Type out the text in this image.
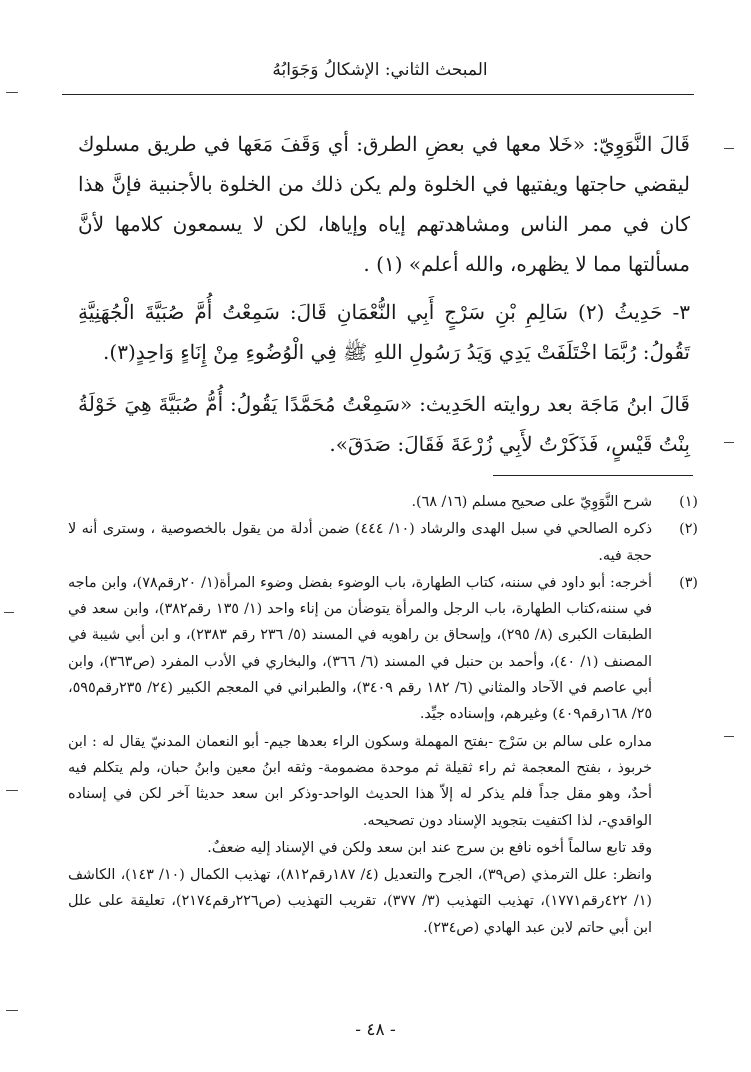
المبحث الثاني: الإشكالُ وَجَوَابُهُ

قَالَ النَّوَوِيّ: «خَلا معها في بعضِ الطرق: أي وَقَفَ مَعَها في طريق مسلوك ليقضي حاجتها ويفتيها في الخلوة ولم يكن ذلك من الخلوة بالأجنبية فإنَّ هذا كان في ممر الناس ومشاهدتهم إياه وإياها، لكن لا يسمعون كلامها لأنَّ مسألتها مما لا يظهره، والله أعلم» (١) .

٣- حَدِيثُ (٢) سَالِمِ بْنِ سَرْجٍ أَبِي النُّعْمَانِ قَالَ: سَمِعْتُ أُمَّ صُبَيَّةَ الْجُهَنِيَّةِ تَقُولُ: رُبَّمَا اخْتَلَفَتْ يَدِي وَيَدُ رَسُولِ اللهِ ﷺ فِي الْوُضُوءِ مِنْ إِنَاءٍ وَاحِدٍ(٣).

قَالَ ابنُ مَاجَة بعد روايته الحَدِيث: «سَمِعْتُ مُحَمَّدًا يَقُولُ: أُمُّ صُبَيَّةَ هِيَ خَوْلَةُ بِنْتُ قَيْسٍ، فَذَكَرْتُ لأَبِي زُرْعَةَ فَقَالَ: صَدَقَ».

(١)

شرح النَّوَوِيّ على صحيح مسلم (١٦/ ٦٨).

(٢)

ذكره الصالحي في سبل الهدى والرشاد (١٠/ ٤٤٤) ضمن أدلة من يقول بالخصوصية ، وسترى أنه لا حجة فيه.

(٣)

أخرجه: أبو داود في سننه، كتاب الطهارة، باب الوضوء بفضل وضوء المرأة(١/ ٢٠رقم٧٨)، وابن ماجه في سننه،كتاب الطهارة، باب الرجل والمرأة يتوضأن من إناء واحد (١/ ١٣٥ رقم٣٨٢)، وابن سعد في الطبقات الكبرى (٨/ ٢٩٥)، وإسحاق بن راهويه في المسند (٥/ ٢٣٦ رقم ٢٣٨٣)، و ابن أبي شيبة في المصنف (١/ ٤٠)، وأحمد بن حنبل في المسند (٦/ ٣٦٦)، والبخاري في الأدب المفرد (ص٣٦٣)، وابن أبي عاصم في الآحاد والمثاني (٦/ ١٨٢ رقم ٣٤٠٩)، والطبراني في المعجم الكبير (٢٤/ ٢٣٥رقم٥٩٥، ٢٥/ ١٦٨رقم٤٠٩) وغيرهم، وإسناده جيِّد.

مداره على سالم بن سَرْج -بفتح المهملة وسكون الراء بعدها جيم- أبو النعمان المدنيّ يقال له : ابن خربوذ ، بفتح المعجمة ثم راء ثقيلة ثم موحدة مضمومة- وثقه ابنُ معين وابنُ حبان، ولم يتكلم فيه أحدٌ، وهو مقل جداً فلم يذكر له إلاّ هذا الحديث الواحد-وذكر ابن سعد حديثا آخر لكن في إسناده الواقدي-، لذا اكتفيت بتجويد الإسناد دون تصحيحه.

وقد تابع سالماً أخوه نافع بن سرج عند ابن سعد ولكن في الإسناد إليه ضعفٌ.

وانظر: علل الترمذي (ص٣٩)، الجرح والتعديل (٤/ ١٨٧رقم٨١٢)، تهذيب الكمال (١٠/ ١٤٣)، الكاشف (١/ ٤٢٢رقم١٧٧١)، تهذيب التهذيب (٣/ ٣٧٧)، تقريب التهذيب (ص٢٢٦رقم٢١٧٤)، تعليقة على علل ابن أبي حاتم لابن عبد الهادي (ص٢٣٤).

- ٤٨ -
